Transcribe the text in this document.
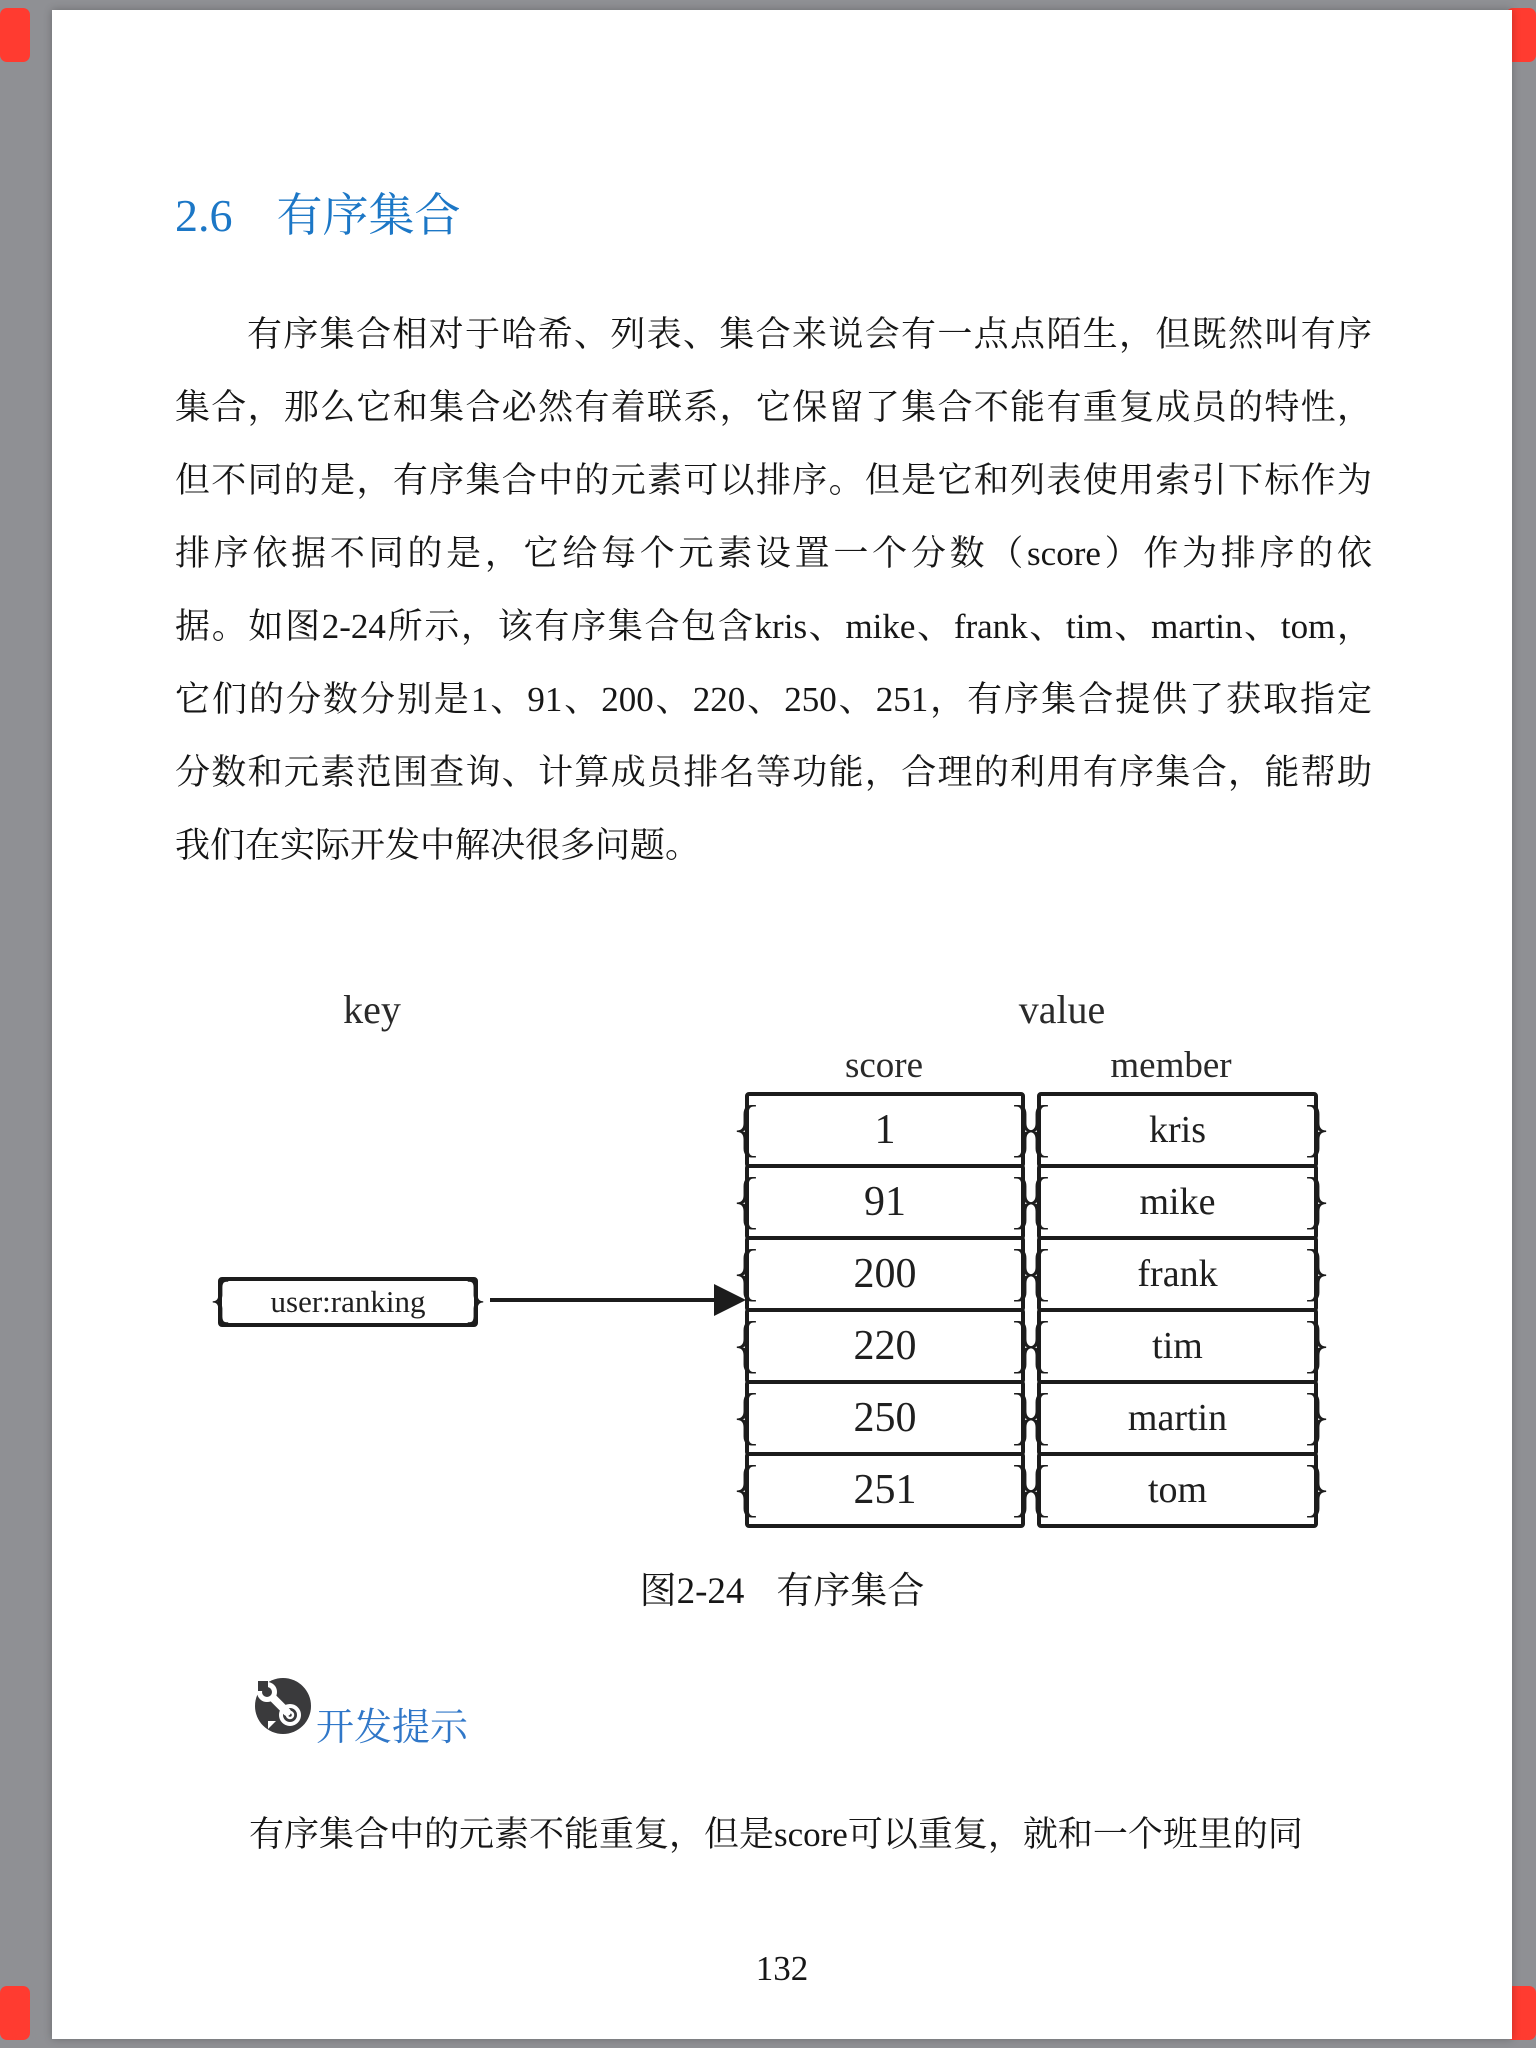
2.6 有序集合
有序集合相对于哈希、列表、集合来说会有一点点陌生，但既然叫有序
集合，那么它和集合必然有着联系，它保留了集合不能有重复成员的特性，
但不同的是，有序集合中的元素可以排序。但是它和列表使用索引下标作为
排序依据不同的是，它给每个元素设置一个分数（score）作为排序的依
据。如图2-24所示，该有序集合包含kris、mike、frank、tim、martin、tom，
它们的分数分别是1、91、200、220、250、251，有序集合提供了获取指定
分数和元素范围查询、计算成员排名等功能，合理的利用有序集合，能帮助
我们在实际开发中解决很多问题。
key	value
score	member
{ user:ranking
}
{ 1 }
{ 91 }
{ 200 }
{ 220 }
{ 250 }
{ 251 }
{ kris }
{ mike }
{ frank }
{ tim }
{ martin }
{ tom }
图2-24 有序集合
开发提示
有序集合中的元素不能重复，但是score可以重复，就和一个班里的同
132
